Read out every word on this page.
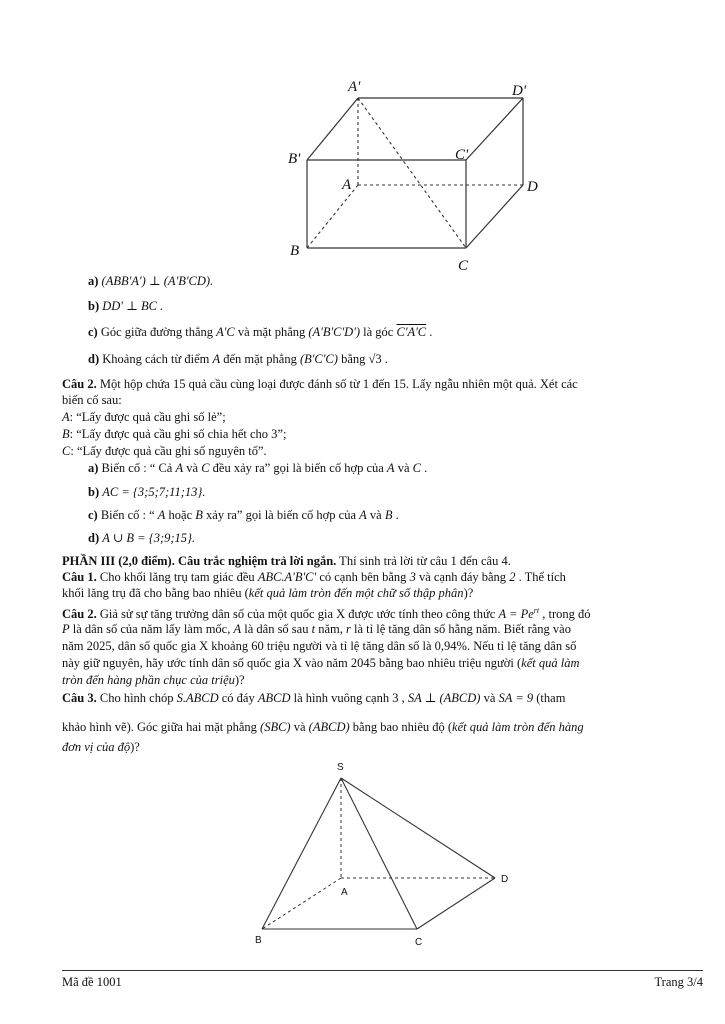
A'	D'
B'	C'
A	D
B
C
a) (ABB'A') ⊥ (A'B'CD).
b) DD' ⊥ BC .
c) Góc giữa đường thẳng A'C và mặt phẳng (A'B'C'D') là góc C'A'C .
d) Khoảng cách từ điểm A đến mặt phẳng (B'C'C) bằng √3 .
Câu 2. Một hộp chứa 15 quả cầu cùng loại được đánh số từ 1 đến 15. Lấy ngẫu nhiên một quả. Xét các
biến cố sau:
A: “Lấy được quả cầu ghi số lẻ”;
B: “Lấy được quả cầu ghi số chia hết cho 3”;
C: “Lấy được quả cầu ghi số nguyên tố”.
a) Biến cố : “ Cả A và C đều xảy ra” gọi là biến cố hợp của A và C .
b) AC = {3;5;7;11;13}.
c) Biến cố : “ A hoặc B xảy ra” gọi là biến cố hợp của A và B .
d) A ∪ B = {3;9;15}.
PHẦN III (2,0 điểm). Câu trắc nghiệm trả lời ngắn. Thí sinh trả lời từ câu 1 đến câu 4.
Câu 1. Cho khối lăng trụ tam giác đều ABC.A'B'C' có cạnh bên bằng 3 và cạnh đáy bằng 2 . Thể tích
khối lăng trụ đã cho bằng bao nhiêu (kết quả làm tròn đến một chữ số thập phân)?
Câu 2. Giả sử sự tăng trưởng dân số của một quốc gia X được ước tính theo công thức $A = Pe^{rt}$ , trong đó
P là dân số của năm lấy làm mốc, A là dân số sau t năm, r là tỉ lệ tăng dân số hằng năm. Biết rằng vào
năm 2025, dân số quốc gia X khoảng 60 triệu người và tỉ lệ tăng dân số là 0,94%. Nếu tỉ lệ tăng dân số
này giữ nguyên, hãy ước tính dân số quốc gia X vào năm 2045 bằng bao nhiêu triệu người (kết quả làm
tròn đến hàng phần chục của triệu)?
Câu 3. Cho hình chóp S.ABCD có đáy ABCD là hình vuông cạnh 3 , SA ⊥ (ABCD) và SA = 9 (tham
khảo hình vẽ). Góc giữa hai mặt phẳng (SBC) và (ABCD) bằng bao nhiêu độ (kết quả làm tròn đến hàng
đơn vị của độ)?
S
A
B	C
D
Mã đề 1001	Trang 3/4
